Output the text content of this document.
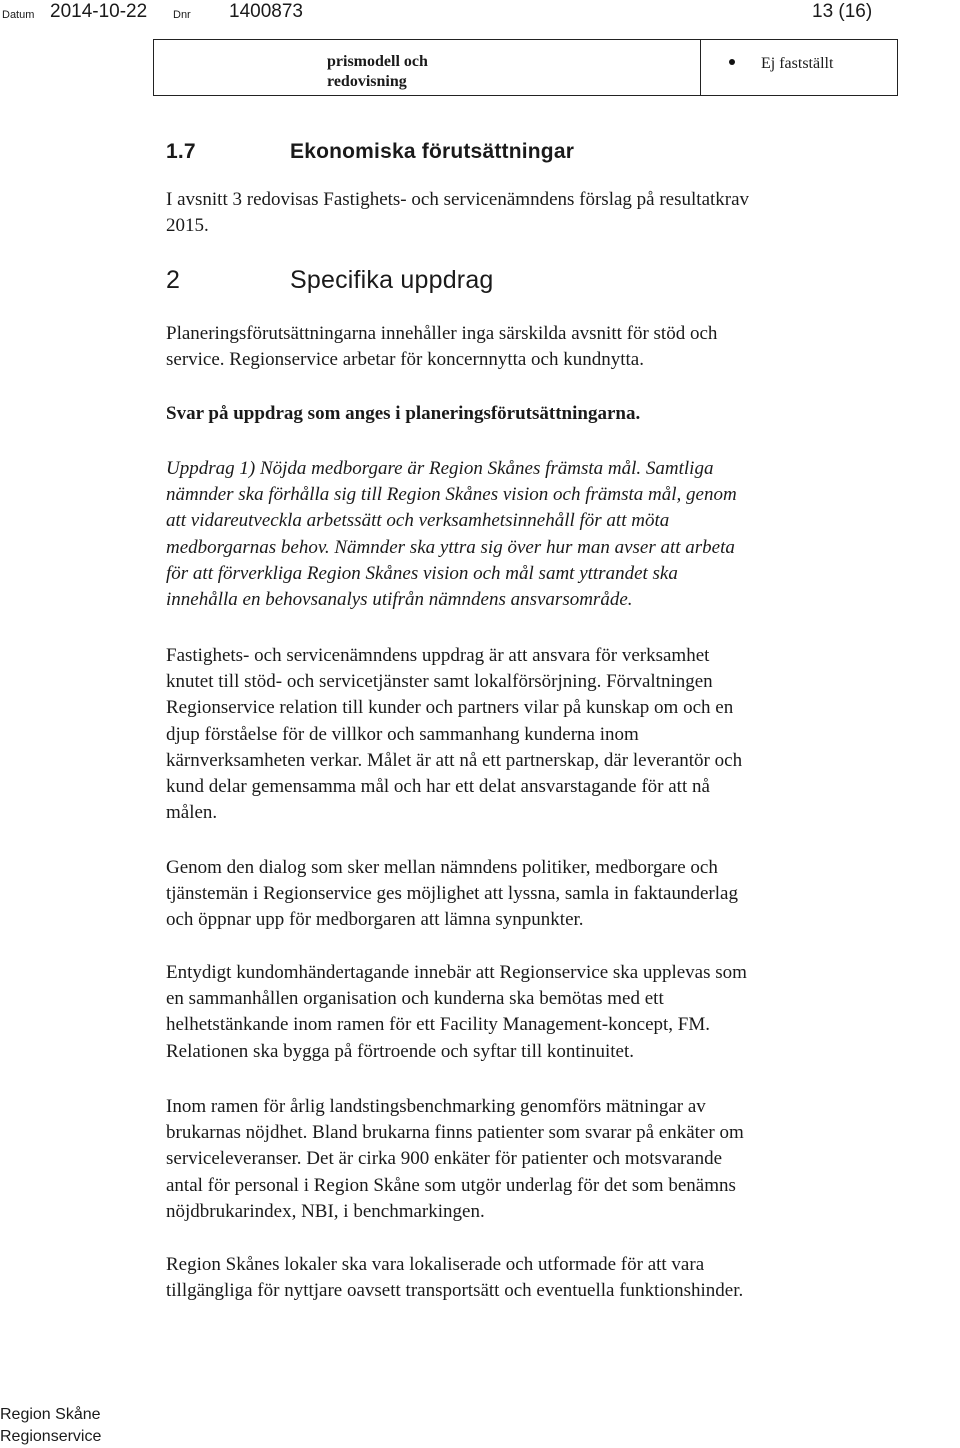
Datum 2014-10-22 Dnr 1400873	13 (16)
prismodell och
redovisning
	Ej fastställt
1.7	Ekonomiska förutsättningar
I avsnitt 3 redovisas Fastighets- och servicenämndens förslag på resultatkrav
2015.
2	Specifika uppdrag
Planeringsförutsättningarna innehåller inga särskilda avsnitt för stöd och
service. Regionservice arbetar för koncernnytta och kundnytta.
Svar på uppdrag som anges i planeringsförutsättningarna.
Uppdrag 1) Nöjda medborgare är Region Skånes främsta mål. Samtliga
nämnder ska förhålla sig till Region Skånes vision och främsta mål, genom
att vidareutveckla arbetssätt och verksamhetsinnehåll för att möta
medborgarnas behov. Nämnder ska yttra sig över hur man avser att arbeta
för att förverkliga Region Skånes vision och mål samt yttrandet ska
innehålla en behovsanalys utifrån nämndens ansvarsområde.
Fastighets- och servicenämndens uppdrag är att ansvara för verksamhet
knutet till stöd- och servicetjänster samt lokalförsörjning. Förvaltningen
Regionservice relation till kunder och partners vilar på kunskap om och en
djup förståelse för de villkor och sammanhang kunderna inom
kärnverksamheten verkar. Målet är att nå ett partnerskap, där leverantör och
kund delar gemensamma mål och har ett delat ansvarstagande för att nå
målen.
Genom den dialog som sker mellan nämndens politiker, medborgare och
tjänstemän i Regionservice ges möjlighet att lyssna, samla in faktaunderlag
och öppnar upp för medborgaren att lämna synpunkter.
Entydigt kundomhändertagande innebär att Regionservice ska upplevas som
en sammanhållen organisation och kunderna ska bemötas med ett
helhetstänkande inom ramen för ett Facility Management-koncept, FM.
Relationen ska bygga på förtroende och syftar till kontinuitet.
Inom ramen för årlig landstingsbenchmarking genomförs mätningar av
brukarnas nöjdhet. Bland brukarna finns patienter som svarar på enkäter om
serviceleveranser. Det är cirka 900 enkäter för patienter och motsvarande
antal för personal i Region Skåne som utgör underlag för det som benämns
nöjdbrukarindex, NBI, i benchmarkingen.
Region Skånes lokaler ska vara lokaliserade och utformade för att vara
tillgängliga för nyttjare oavsett transportsätt och eventuella funktionshinder.
Region Skåne
Regionservice
